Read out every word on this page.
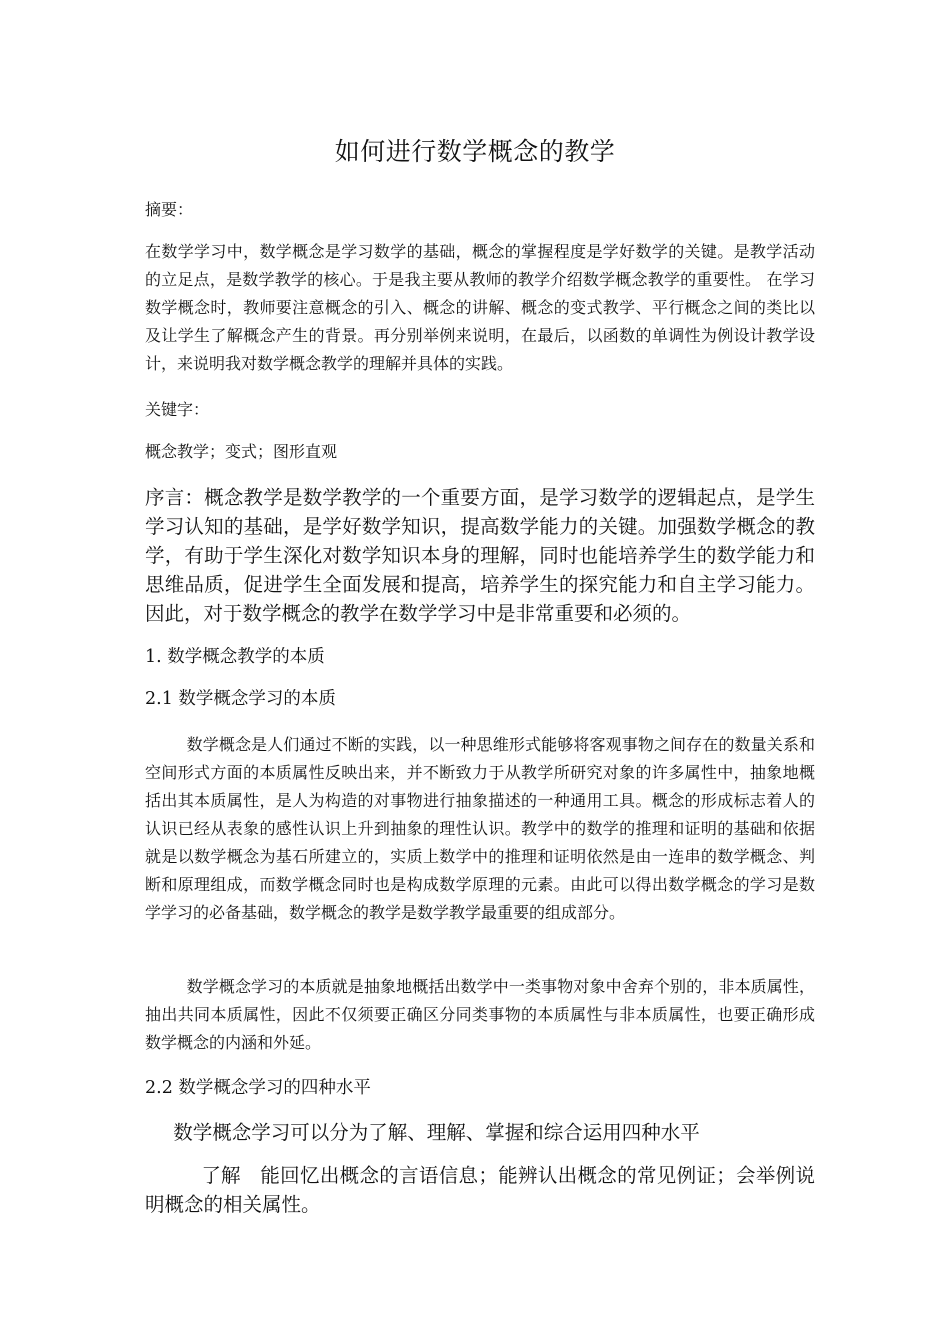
如何进行数学概念的教学

摘要：

在数学学习中，数学概念是学习数学的基础，概念的掌握程度是学好数学的关键。是教学活动的立足点，是数学教学的核心。于是我主要从教师的教学介绍数学概念教学的重要性。 在学习数学概念时，教师要注意概念的引入、概念的讲解、概念的变式教学、平行概念之间的类比以及让学生了解概念产生的背景。再分别举例来说明，在最后，以函数的单调性为例设计教学设计，来说明我对数学概念教学的理解并具体的实践。

关键字：

概念教学；变式；图形直观

序言：概念教学是数学教学的一个重要方面，是学习数学的逻辑起点，是学生学习认知的基础，是学好数学知识，提高数学能力的关键。加强数学概念的教学，有助于学生深化对数学知识本身的理解，同时也能培养学生的数学能力和思维品质，促进学生全面发展和提高，培养学生的探究能力和自主学习能力。因此，对于数学概念的教学在数学学习中是非常重要和必须的。

1. 数学概念教学的本质

2.1 数学概念学习的本质

数学概念是人们通过不断的实践，以一种思维形式能够将客观事物之间存在的数量关系和空间形式方面的本质属性反映出来，并不断致力于从教学所研究对象的许多属性中，抽象地概括出其本质属性，是人为构造的对事物进行抽象描述的一种通用工具。概念的形成标志着人的认识已经从表象的感性认识上升到抽象的理性认识。教学中的数学的推理和证明的基础和依据就是以数学概念为基石所建立的，实质上数学中的推理和证明依然是由一连串的数学概念、判断和原理组成，而数学概念同时也是构成数学原理的元素。由此可以得出数学概念的学习是数学学习的必备基础，数学概念的教学是数学教学最重要的组成部分。

数学概念学习的本质就是抽象地概括出数学中一类事物对象中舍弃个别的，非本质属性，抽出共同本质属性，因此不仅须要正确区分同类事物的本质属性与非本质属性，也要正确形成数学概念的内涵和外延。

2.2 数学概念学习的四种水平

数学概念学习可以分为了解、理解、掌握和综合运用四种水平

了解 能回忆出概念的言语信息；能辨认出概念的常见例证；会举例说明概念的相关属性。
